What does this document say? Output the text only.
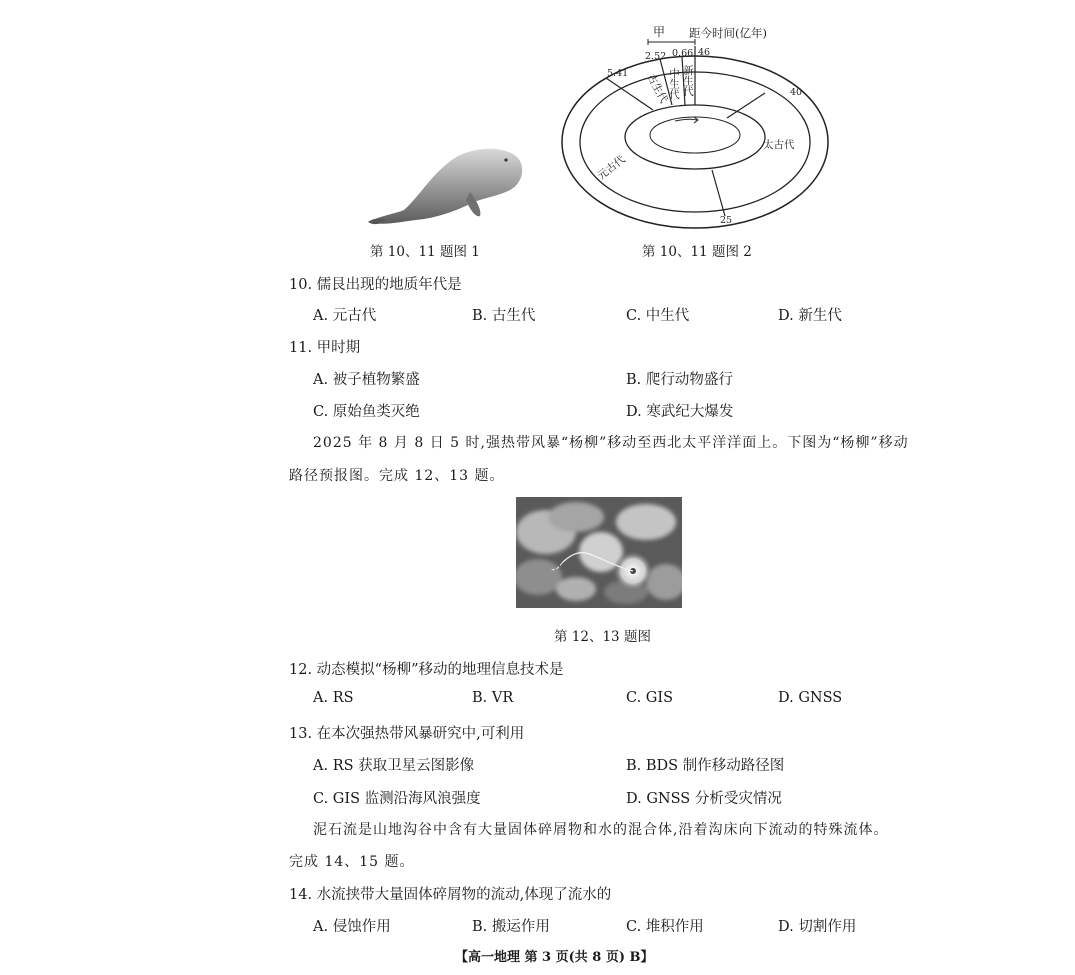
第 10、11 题图 1
甲 距今时间(亿年)
5.41
2.52 0.66 46
40
25
古生代
中生代 新生代
太古代
元古代
第 10、11 题图 2
10. 儒艮出现的地质年代是
A. 元古代	B. 古生代	C. 中生代	D. 新生代
11. 甲时期
A. 被子植物繁盛	B. 爬行动物盛行
C. 原始鱼类灭绝	D. 寒武纪大爆发
2025 年 8 月 8 日 5 时,强热带风暴“杨柳”移动至西北太平洋洋面上。下图为“杨柳”移动
路径预报图。完成 12、13 题。
第 12、13 题图
12. 动态模拟“杨柳”移动的地理信息技术是
A. RS	B. VR	C. GIS	D. GNSS
13. 在本次强热带风暴研究中,可利用
A. RS 获取卫星云图影像	B. BDS 制作移动路径图
C. GIS 监测沿海风浪强度	D. GNSS 分析受灾情况
泥石流是山地沟谷中含有大量固体碎屑物和水的混合体,沿着沟床向下流动的特殊流体。
完成 14、15 题。
14. 水流挟带大量固体碎屑物的流动,体现了流水的
A. 侵蚀作用	B. 搬运作用	C. 堆积作用	D. 切割作用
【高一地理 第 3 页(共 8 页) B】
